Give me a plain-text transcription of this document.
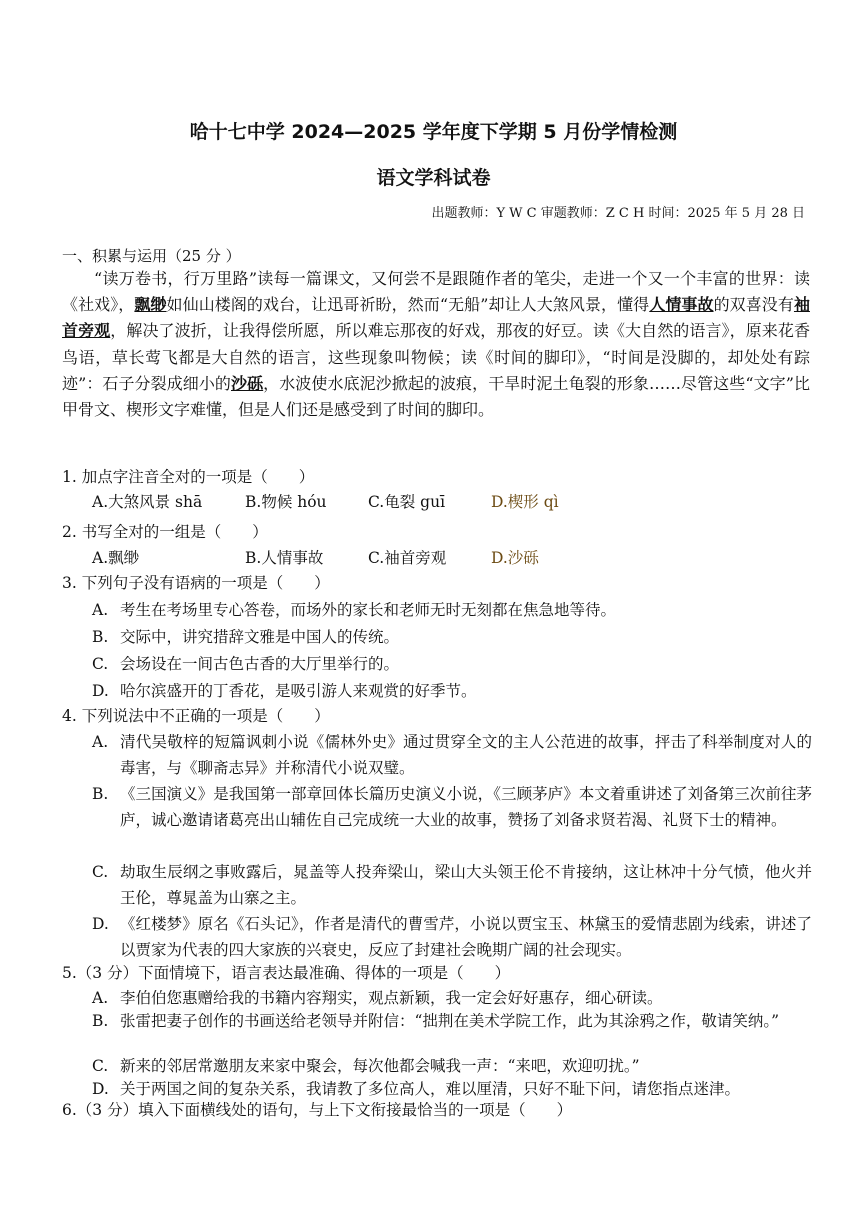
哈十七中学 2024—2025 学年度下学期 5 月份学情检测
语文学科试卷
出题教师：Y W C 审题教师：Z C H 时间：2025 年 5 月 28 日
一、积累与运用（25 分 ）
“读万卷书，行万里路”读每一篇课文，又何尝不是跟随作者的笔尖，走进一个又一个丰富的世界：读《社戏》，飘缈如仙山楼阁的戏台，让迅哥祈盼，然而“无船”却让人大煞风景，懂得人情事故的双喜没有袖首旁观，解决了波折，让我得偿所愿，所以难忘那夜的好戏，那夜的好豆。读《大自然的语言》，原来花香鸟语，草长莺飞都是大自然的语言，这些现象叫物候；读《时间的脚印》，“时间是没脚的，却处处有踪迹”：石子分裂成细小的沙砾，水波使水底泥沙掀起的波痕，干旱时泥土龟裂的形象……尽管这些“文字”比甲骨文、楔形文字难懂，但是人们还是感受到了时间的脚印。
1. 加点字注音全对的一项是（　　）
A.大煞风景 shā	B.物候 hóu	C.龟裂 guī	D.楔形 qì
2. 书写全对的一组是（　　）
A.飘缈	B.人情事故	C.袖首旁观	D.沙砾
3. 下列句子没有语病的一项是（　　）
A. 考生在考场里专心答卷，而场外的家长和老师无时无刻都在焦急地等待。
B. 交际中，讲究措辞文雅是中国人的传统。
C. 会场设在一间古色古香的大厅里举行的。
D. 哈尔滨盛开的丁香花，是吸引游人来观赏的好季节。
4. 下列说法中不正确的一项是（　　）
A. 清代吴敬梓的短篇讽刺小说《儒林外史》通过贯穿全文的主人公范进的故事，抨击了科举制度对人的毒害，与《聊斋志异》并称清代小说双璧。
B. 《三国演义》是我国第一部章回体长篇历史演义小说，《三顾茅庐》本文着重讲述了刘备第三次前往茅庐，诚心邀请诸葛亮出山辅佐自己完成统一大业的故事，赞扬了刘备求贤若渴、礼贤下士的精神。
C. 劫取生辰纲之事败露后，晁盖等人投奔梁山，梁山大头领王伦不肯接纳，这让林冲十分气愤，他火并王伦，尊晁盖为山寨之主。
D. 《红楼梦》原名《石头记》，作者是清代的曹雪芹，小说以贾宝玉、林黛玉的爱情悲剧为线索，讲述了以贾家为代表的四大家族的兴衰史，反应了封建社会晚期广阔的社会现实。
5.（3 分）下面情境下，语言表达最准确、得体的一项是（　　）
A. 李伯伯您惠赠给我的书籍内容翔实，观点新颖，我一定会好好惠存，细心研读。
B. 张雷把妻子创作的书画送给老领导并附信：“拙荆在美术学院工作，此为其涂鸦之作，敬请笑纳。”
C. 新来的邻居常邀朋友来家中聚会，每次他都会喊我一声：“来吧，欢迎叨扰。”
D. 关于两国之间的复杂关系，我请教了多位高人，难以厘清，只好不耻下问，请您指点迷津。
6.（3 分）填入下面横线处的语句，与上下文衔接最恰当的一项是（　　）
